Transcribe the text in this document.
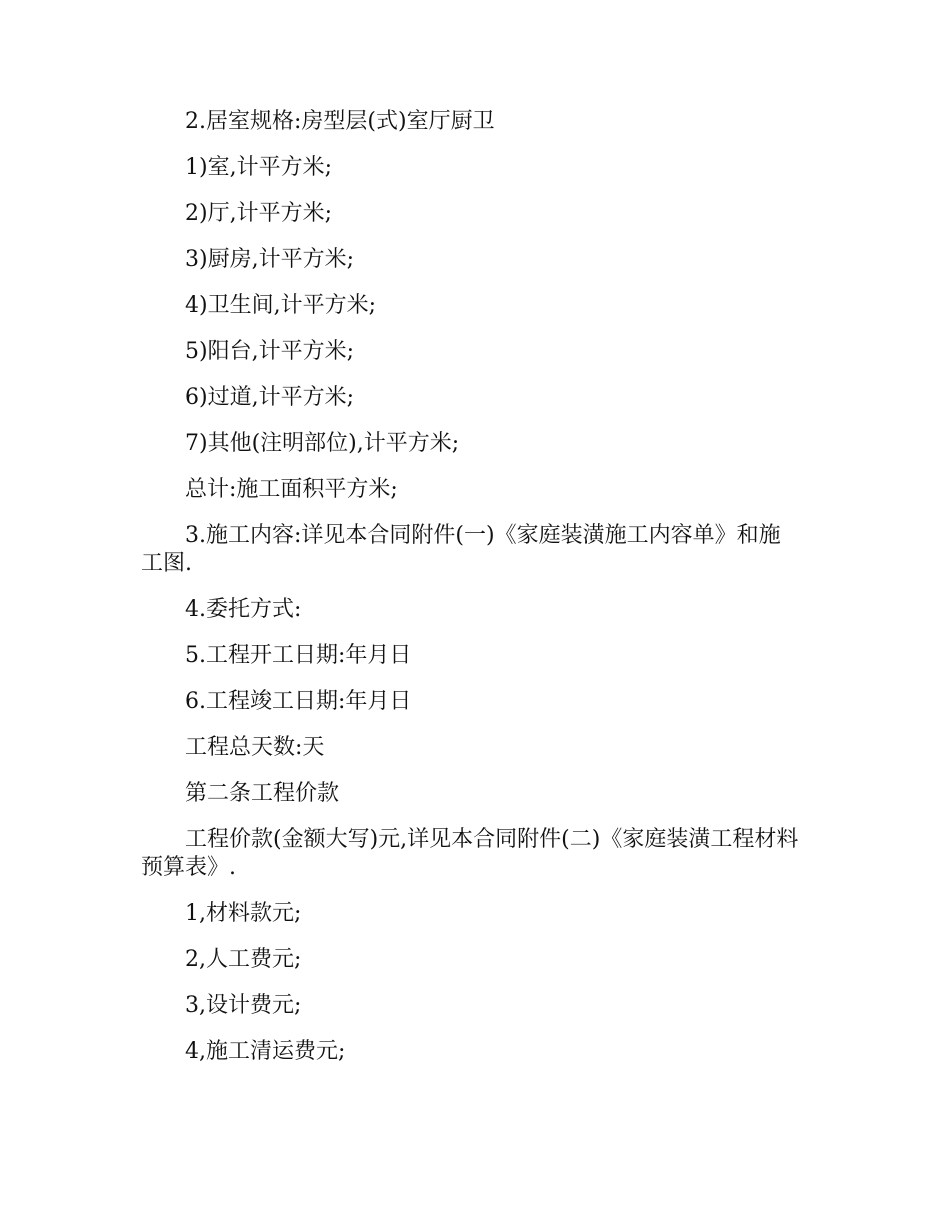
2.居室规格:房型层(式)室厅厨卫

1)室,计平方米;

2)厅,计平方米;

3)厨房,计平方米;

4)卫生间,计平方米;

5)阳台,计平方米;

6)过道,计平方米;

7)其他(注明部位),计平方米;

总计:施工面积平方米;

3.施工内容:详见本合同附件(一)《家庭装潢施工内容单》和施工图.

4.委托方式:

5.工程开工日期:年月日

6.工程竣工日期:年月日

工程总天数:天

第二条工程价款

工程价款(金额大写)元,详见本合同附件(二)《家庭装潢工程材料预算表》.

1,材料款元;

2,人工费元;

3,设计费元;

4,施工清运费元;
